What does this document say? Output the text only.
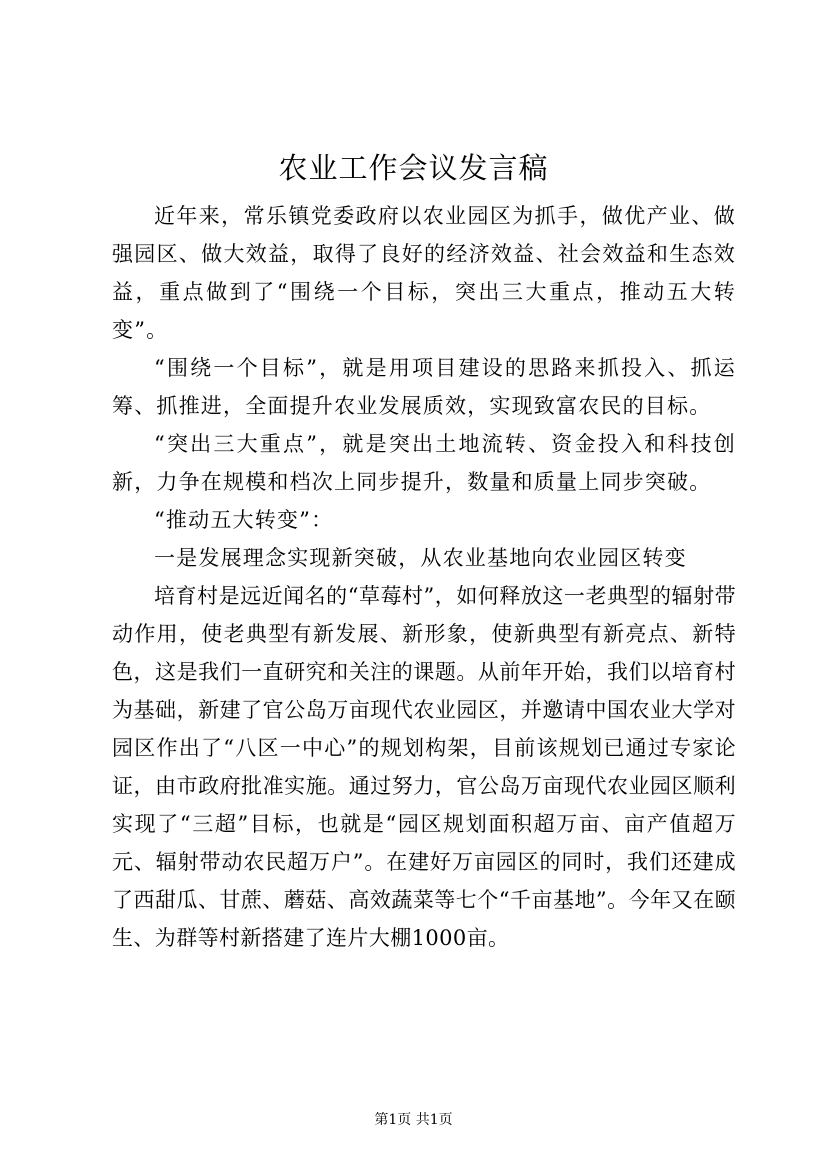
农业工作会议发言稿

近年来，常乐镇党委政府以农业园区为抓手，做优产业、做强园区、做大效益，取得了良好的经济效益、社会效益和生态效益，重点做到了“围绕一个目标，突出三大重点，推动五大转变”。

“围绕一个目标”，就是用项目建设的思路来抓投入、抓运筹、抓推进，全面提升农业发展质效，实现致富农民的目标。

“突出三大重点”，就是突出土地流转、资金投入和科技创新，力争在规模和档次上同步提升，数量和质量上同步突破。

“推动五大转变”：

一是发展理念实现新突破，从农业基地向农业园区转变

培育村是远近闻名的“草莓村”，如何释放这一老典型的辐射带动作用，使老典型有新发展、新形象，使新典型有新亮点、新特色，这是我们一直研究和关注的课题。从前年开始，我们以培育村为基础，新建了官公岛万亩现代农业园区，并邀请中国农业大学对园区作出了“八区一中心”的规划构架，目前该规划已通过专家论证，由市政府批准实施。通过努力，官公岛万亩现代农业园区顺利实现了“三超”目标，也就是“园区规划面积超万亩、亩产值超万元、辐射带动农民超万户”。在建好万亩园区的同时，我们还建成了西甜瓜、甘蔗、蘑菇、高效蔬菜等七个“千亩基地”。今年又在颐生、为群等村新搭建了连片大棚1000亩。

第1页 共1页
